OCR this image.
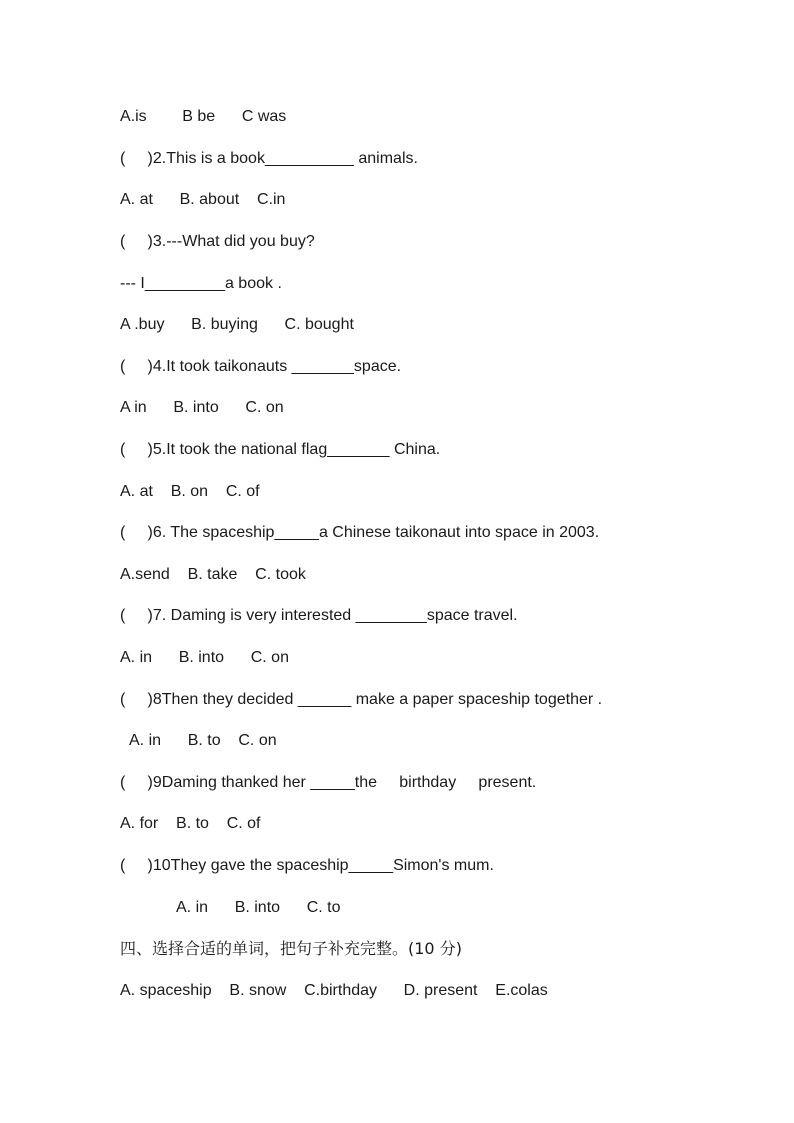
A.is        B be      C was
(     )2.This is a book__________ animals.
A. at      B. about    C.in
(     )3.---What did you buy?
--- I_________a book .
A .buy      B. buying      C. bought
(     )4.It took taikonauts _______space.
A in      B. into      C. on
(     )5.It took the national flag_______ China.
A. at    B. on    C. of
(     )6. The spaceship_____a Chinese taikonaut into space in 2003.
A.send    B. take    C. took
(     )7. Daming is very interested ________space travel.
A. in      B. into      C. on
(     )8Then they decided ______ make a paper spaceship together .
A. in      B. to    C. on
(     )9Daming thanked her _____the     birthday     present.
A. for    B. to    C. of
(     )10They gave the spaceship_____Simon's mum.
A. in      B. into      C. to
四、选择合适的单词，把句子补充完整。(10 分)
A. spaceship    B. snow    C.birthday      D. present    E.colas
